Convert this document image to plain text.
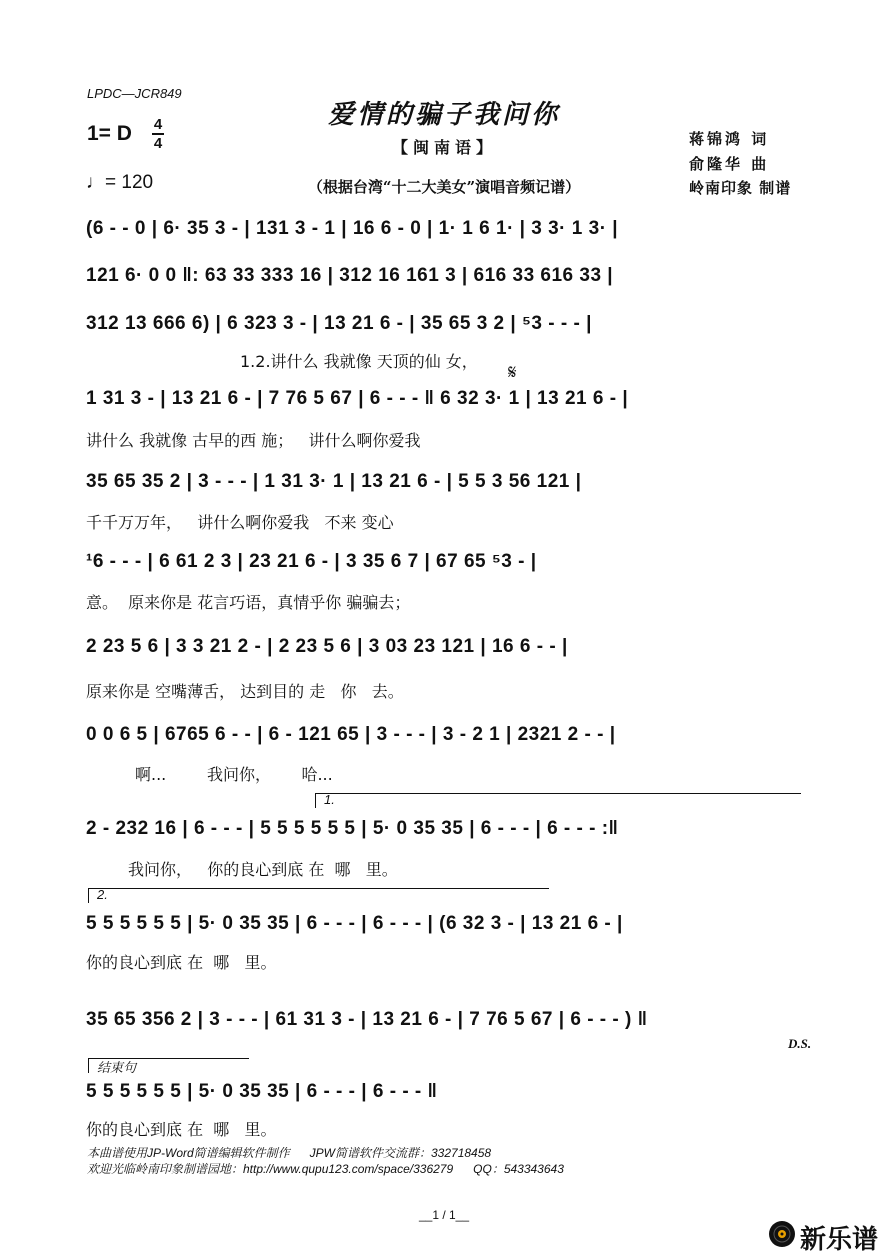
LPDC—JCR849
爱情的骗子我问你
1= D 4
4
♩= 120
【闽南语】
（根据台湾“十二大美女”演唱音频记谱）
蒋锦鸿 词
俞隆华 曲
岭南印象 制谱
(6 - - 0 | 6· 35 3 - | 131 3 - 1 | 16 6 - 0 | 1· 1 6 1· | 3 3· 1 3· |
121 6· 0 0 ‖: 63 33 333 16 | 312 16 161 3 | 616 33 616 33 |
312 13 666 6) | 6 323 3 - | 13 21 6 - | 35 65 3 2 | ⁵3 - - - |
1.2.讲什么 我就像 天顶的仙 女， 𝄋
1 31 3 - | 13 21 6 - | 7 76 5 67 | 6 - - - ‖ 6 32 3· 1 | 13 21 6 - |
讲什么 我就像 古早的西 施；   讲什么啊你爱我
35 65 35 2 | 3 - - - | 1 31 3· 1 | 13 21 6 - | 5 5 3 56 121 |
千千万万年，   讲什么啊你爱我   不来 变心
¹6 - - - | 6 61 2 3 | 23 21 6 - | 3 35 6 7 | 67 65 ⁵3 - |
意。  原来你是 花言巧语，真情乎你 骗骗去；
2 23 5 6 | 3 3 21 2 - | 2 23 5 6 | 3 03 23 121 | 16 6 - - |
原来你是 空嘴薄舌， 达到目的 走   你   去。
0 0 6 5 | 6765 6 - - | 6 - 121 65 | 3 - - - | 3 - 2 1 | 2321 2 - - |
啊...        我问你，      哈...
1.
2 - 232 16 | 6 - - - | 5 5 5 5 5 5 | 5· 0 35 35 | 6 - - - | 6 - - - :‖
我问你，   你的良心到底 在  哪   里。
2.
5 5 5 5 5 5 | 5· 0 35 35 | 6 - - - | 6 - - - | (6 32 3 - | 13 21 6 - |
你的良心到底 在  哪   里。
35 65 356 2 | 3 - - - | 61 31 3 - | 13 21 6 - | 7 76 5 67 | 6 - - - ) ‖
D.S.
结束句
5 5 5 5 5 5 | 5· 0 35 35 | 6 - - - | 6 - - - ‖
你的良心到底 在  哪   里。
本曲谱使用JP-Word简谱编辑软件制作      JPW简谱软件交流群：332718458
欢迎光临岭南印象制谱园地：http://www.qupu123.com/space/336279      QQ：543343643
__1 / 1__
新乐谱
